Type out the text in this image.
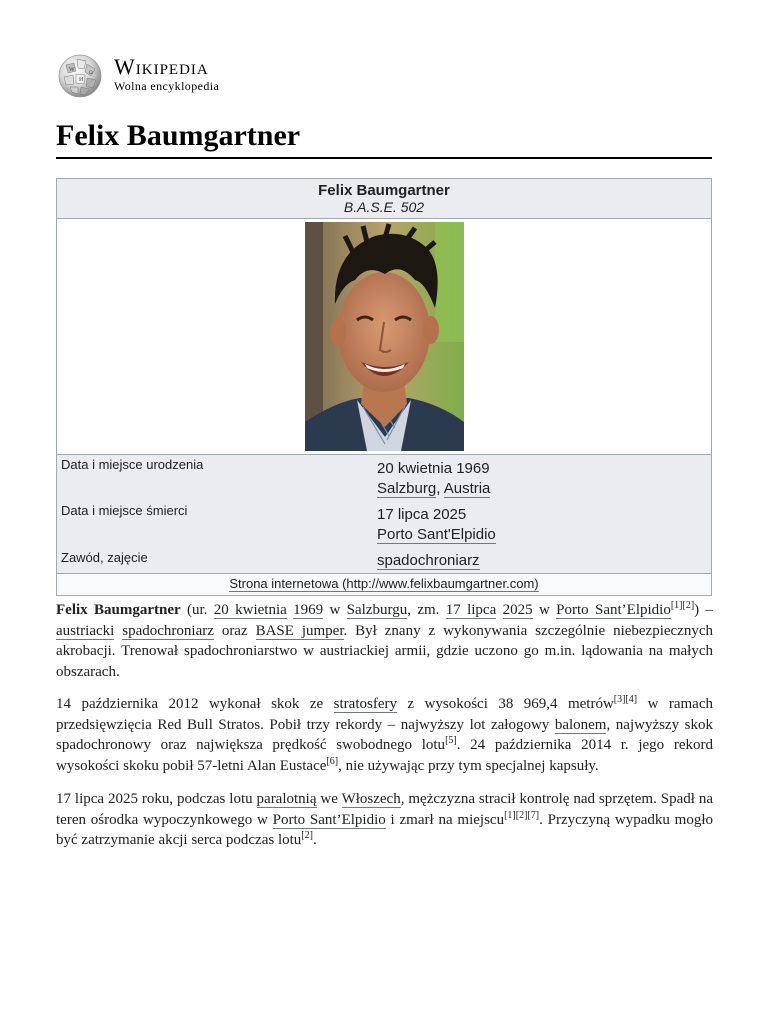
W
И
Ω Wikipedia
Wolna encyklopedia
Felix Baumgartner
Felix Baumgartner
B.A.S.E. 502
Data i miejsce urodzenia	20 kwietnia 1969
Salzburg, Austria
Data i miejsce śmierci	17 lipca 2025
Porto Sant'Elpidio
Zawód, zajęcie	spadochroniarz
Strona internetowa (http://www.felixbaumgartner.com)

Felix Baumgartner (ur. 20 kwietnia 1969 w Salzburgu, zm. 17 lipca 2025 w Porto Sant’Elpidio[1][2]) – austriacki spadochroniarz oraz BASE jumper. Był znany z wykonywania szczególnie niebezpiecznych akrobacji. Trenował spadochroniarstwo w austriackiej armii, gdzie uczono go m.in. lądowania na małych obszarach.

14 października 2012 wykonał skok ze stratosfery z wysokości 38 969,4 metrów[3][4] w ramach przedsięwzięcia Red Bull Stratos. Pobił trzy rekordy – najwyższy lot załogowy balonem, najwyższy skok spadochronowy oraz największa prędkość swobodnego lotu[5]. 24 października 2014 r. jego rekord wysokości skoku pobił 57-letni Alan Eustace[6], nie używając przy tym specjalnej kapsuły.

17 lipca 2025 roku, podczas lotu paralotnią we Włoszech, mężczyzna stracił kontrolę nad sprzętem. Spadł na teren ośrodka wypoczynkowego w Porto Sant’Elpidio i zmarł na miejscu[1][2][7]. Przyczyną wypadku mogło być zatrzymanie akcji serca podczas lotu[2].
